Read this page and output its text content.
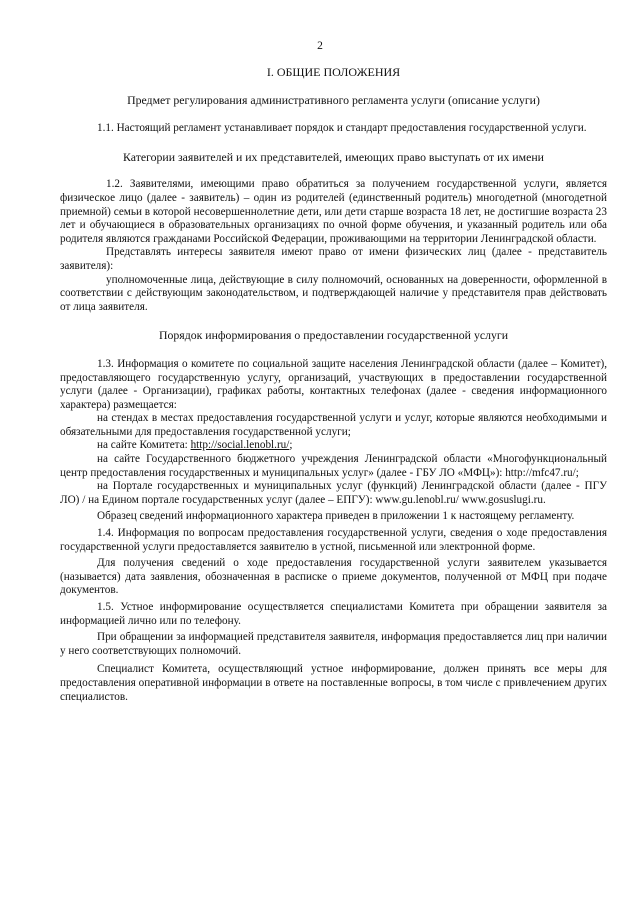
2

I. ОБЩИЕ ПОЛОЖЕНИЯ

Предмет регулирования административного регламента услуги (описание услуги)

1.1. Настоящий регламент устанавливает порядок и стандарт предоставления государственной услуги.

Категории заявителей и их представителей, имеющих право выступать от их имени

1.2. Заявителями, имеющими право обратиться за получением государственной услуги, является физическое лицо (далее - заявитель) – один из родителей (единственный родитель) многодетной (многодетной приемной) семьи в которой несовершеннолетние дети, или дети старше возраста 18 лет, не достигшие возраста 23 лет и обучающиеся в образовательных организациях по очной форме обучения, и указанный родитель или оба родителя являются гражданами Российской Федерации, проживающими на территории Ленинградской области.

Представлять интересы заявителя имеют право от имени физических лиц (далее - представитель заявителя):

уполномоченные лица, действующие в силу полномочий, основанных на доверенности, оформленной в соответствии с действующим законодательством, и подтверждающей наличие у представителя прав действовать от лица заявителя.

Порядок информирования о предоставлении государственной услуги

1.3. Информация о комитете по социальной защите населения Ленинградской области (далее – Комитет), предоставляющего государственную услугу, организаций, участвующих в предоставлении государственной услуги (далее - Организации), графиках работы, контактных телефонах (далее - сведения информационного характера) размещается:

на стендах в местах предоставления государственной услуги и услуг, которые являются необходимыми и обязательными для предоставления государственной услуги;

на сайте Комитета: http://social.lenobl.ru/;

на сайте Государственного бюджетного учреждения Ленинградской области «Многофункциональный центр предоставления государственных и муниципальных услуг» (далее - ГБУ ЛО «МФЦ»): http://mfc47.ru/;

на Портале государственных и муниципальных услуг (функций) Ленинградской области (далее - ПГУ ЛО) / на Едином портале государственных услуг (далее – ЕПГУ): www.gu.lenobl.ru/ www.gosuslugi.ru.

Образец сведений информационного характера приведен в приложении 1 к настоящему регламенту.

1.4. Информация по вопросам предоставления государственной услуги, сведения о ходе предоставления государственной услуги предоставляется заявителю в устной, письменной или электронной форме.

Для получения сведений о ходе предоставления государственной услуги заявителем указывается (называется) дата заявления, обозначенная в расписке о приеме документов, полученной от МФЦ при подаче документов.

1.5. Устное информирование осуществляется специалистами Комитета при обращении заявителя за информацией лично или по телефону.

При обращении за информацией представителя заявителя, информация предоставляется лиц при наличии у него соответствующих полномочий.

Специалист Комитета, осуществляющий устное информирование, должен принять все меры для предоставления оперативной информации в ответе на поставленные вопросы, в том числе с привлечением других специалистов.
